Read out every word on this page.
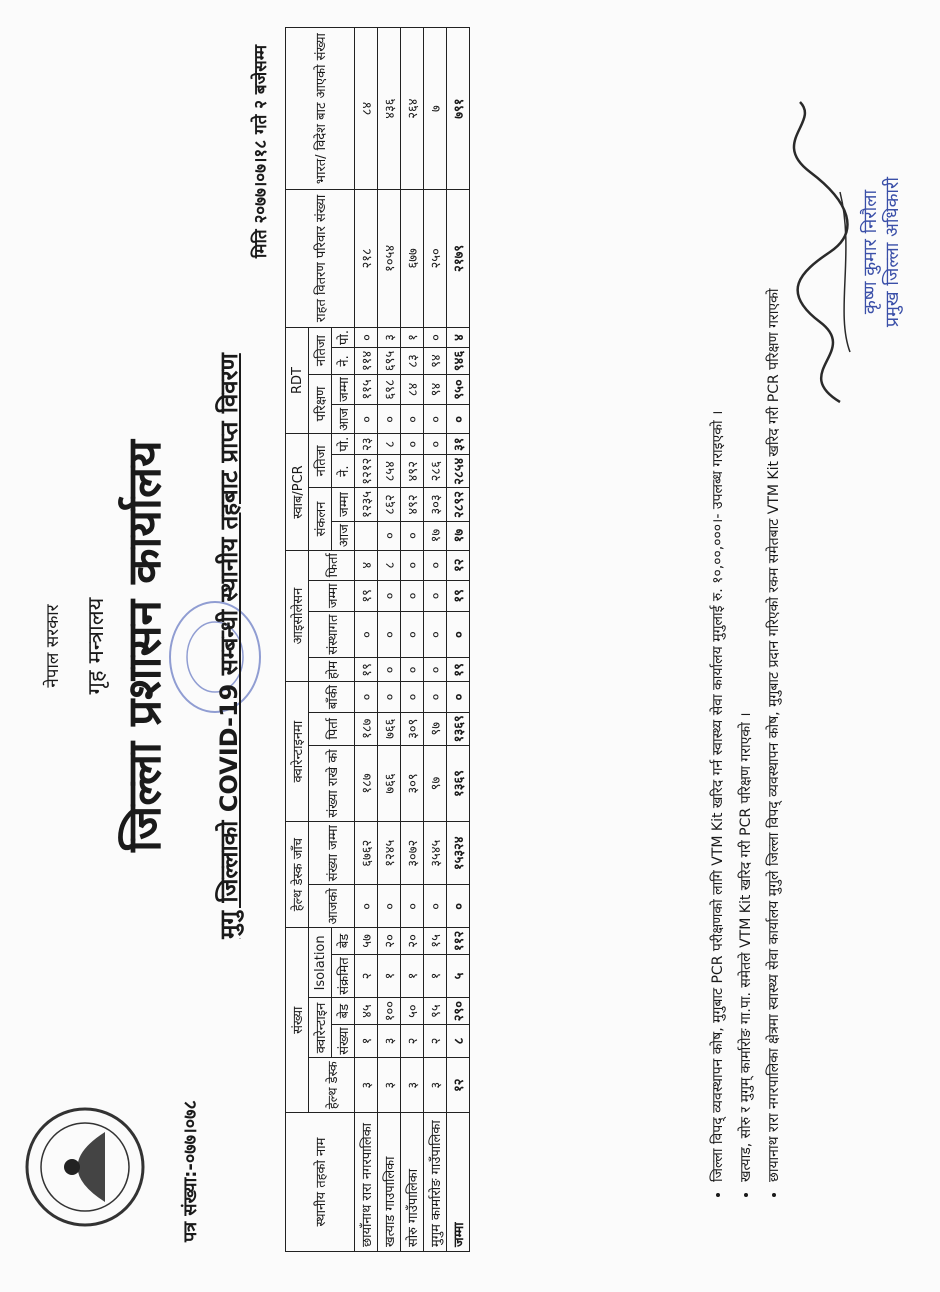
नेपाल सरकार गृह मन्त्रालय जिल्ला प्रशासन कार्यालय
पत्र संख्या:-०७७।०७८
मुगु जिल्लाको COVID-19 सम्बन्धी स्थानीय तहबाट प्राप्त विवरण
मिति २०७७।०७।१८ गते २ बजेसम्म
स्थानीय तहको नाम	संख्या					हेल्थ डेस्क जाँच		क्वारेन्टाइनमा			आइसोलेसन				स्वाब/PCR				RDT				राहत वितरण परिवार संख्या	भारत/ विदेश बाट आएको संख्या
	हेल्थ डेस्क	क्वारेन्टाइन		Isolation		आजको	संख्या जम्मा	संख्या राखे को	पिर्ता	बाँकी	होम	संस्थागत	जम्मा	फिर्ता	संकलन		नतिजा		परिक्षण		नतिजा			
		संख्या	बेड	संक्रमित	बेड										आज	जम्मा	ने.	पो.	आज	जम्मा	ने.	पो.		
छायाँनाथ रारा नगरपालिका	३	१	४५	२	५७	०	६७६२	१८७	१८७	०	१९	०	१९	४		१२३५	१२१२	२३	०	११५	११४	०	२१८	८४
खत्याड गाउपालिका	३	३	१००	१	२०	०	१२४५	७६६	७६६	०	०	०	०	८	०	८६२	८५४	८	०	६९८	६९५	३	१०५४	४३६
सोरु गाउँपालिका	३	२	५०	१	२०	०	३०७२	३०९	३०९	०	०	०	०	०	०	४९२	४९२	०	०	८४	८३	१	६७७	२६४
मुगुम कार्मारोङ गाउँपालिका	३	२	९५	१	१५	०	३५४५	९७	९७	०	०	०	०	०	१७	३०३	२८६	०	०	९४	९४	०	२५०	७
जम्मा	१२	८	२९०	५	११२	०	१५३२४	१३६९	१३६९	०	१९	०	१९	१२	१७	२८९२	२८५४	३१	०	९५०	९४६	४	२१७९	७९१
• जिल्ला विपद् व्यवस्थापन कोष, मुगुबाट PCR परीक्षणको लागि VTM Kit खरिद गर्न स्वास्थ्य सेवा कार्यालय मुगुलाई रु. १०,००,०००।- उपलब्ध गराइएको । • खत्याड, सोरु र मुगुम् कार्मारोङ गा.पा. समेतले VTM Kit खरिद गरी PCR परिक्षण गराएको । • छायानाथ रारा नगरपालिका क्षेत्रमा स्वास्थ्य सेवा कार्यालय मुगुले जिल्ला विपद् व्यवस्थापन कोष, मुगुबाट प्रदान गरिएको रकम समेतबाट VTM Kit खरिद गरी PCR परिक्षण गराएको
कृष्ण कुमार निरौला प्रमुख जिल्ला अधिकारी
